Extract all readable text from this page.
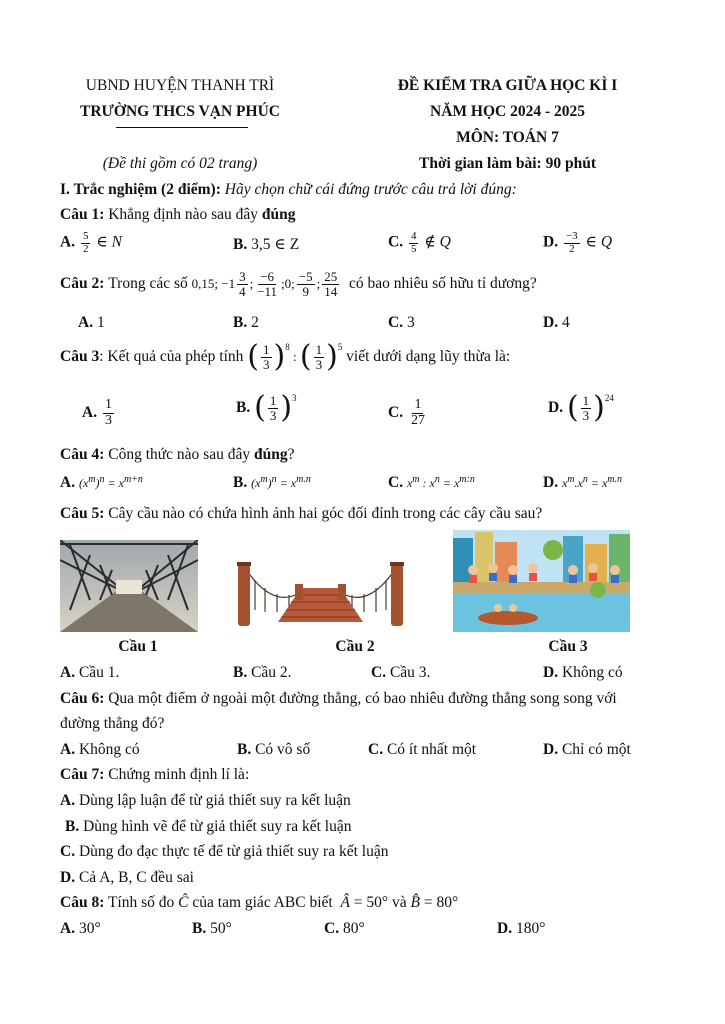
UBND HUYỆN THANH TRÌ
TRƯỜNG THCS VẠN PHÚC
(Đề thi gồm có 02 trang)
ĐỀ KIỂM TRA GIỮA HỌC KÌ I
NĂM HỌC 2024 - 2025
MÔN: TOÁN 7
Thời gian làm bài: 90 phút
I. Trắc nghiệm (2 điểm): Hãy chọn chữ cái đứng trước câu trả lời đúng:
Câu 1: Khẳng định nào sau đây đúng
A. $\frac{5}{2}$ ∈ N	B. 3,5 ∈ Z	C. $\frac{4}{5}$ ∉ Q	D. $\frac{-3}{2}$ ∈ Q
Câu 2:
Trong các số
0,15; $-1 \frac{3}{4}$ ; $\frac{-6}{-11}$ ;0; $\frac{-5}{9}$ ; $\frac{25}{14}$
có bao nhiêu số hữu tỉ dương?
A. 1	B. 2	C. 3	D. 4
Câu 3 : Kết quả của phép tính
( $\frac{1}{3}$ ) 8
: ( $\frac{1}{3}$ ) 5

viết dưới dạng lũy thừa là:
A.
$\frac{1}{3}$	B.
( $\frac{1}{3}$ ) 3
C.
$\frac{1}{27}$	D.
( $\frac{1}{3}$ ) 24
Câu 4: Công thức nào sau đây đúng?
A. $(x^m)^n = x^{m+n}$	B. $(x^m)^n = x^{m.n}$	C. $x^m$ : $x^n = x^{m:n}$	D. $x^m.x^n = x^{m.n}$
Câu 5: Cây cầu nào có chứa hình ảnh hai góc đối đỉnh trong các cây cầu sau?
Cầu 1	Cầu 2	Cầu 3
A. Cầu 1.	B. Cầu 2.	C. Cầu 3.	D. Không có
Câu 6: Qua một điểm ở ngoài một đường thẳng, có bao nhiêu đường thẳng song song với
đường thẳng đó?
A. Không có	B. Có vô số	C. Có ít nhất một	D. Chỉ có một
Câu 7: Chứng minh định lí là:
A. Dùng lập luận để từ giả thiết suy ra kết luận
B. Dùng hình vẽ để từ giả thiết suy ra kết luận
C. Dùng đo đạc thực tế để từ giả thiết suy ra kết luận
D. Cả A, B, C đều sai
Câu 8: Tính số đo Ĉ của tam giác ABC biết Â = 50° và B̂ = 80°
A. 30°	B. 50°	C. 80°	D. 180°
